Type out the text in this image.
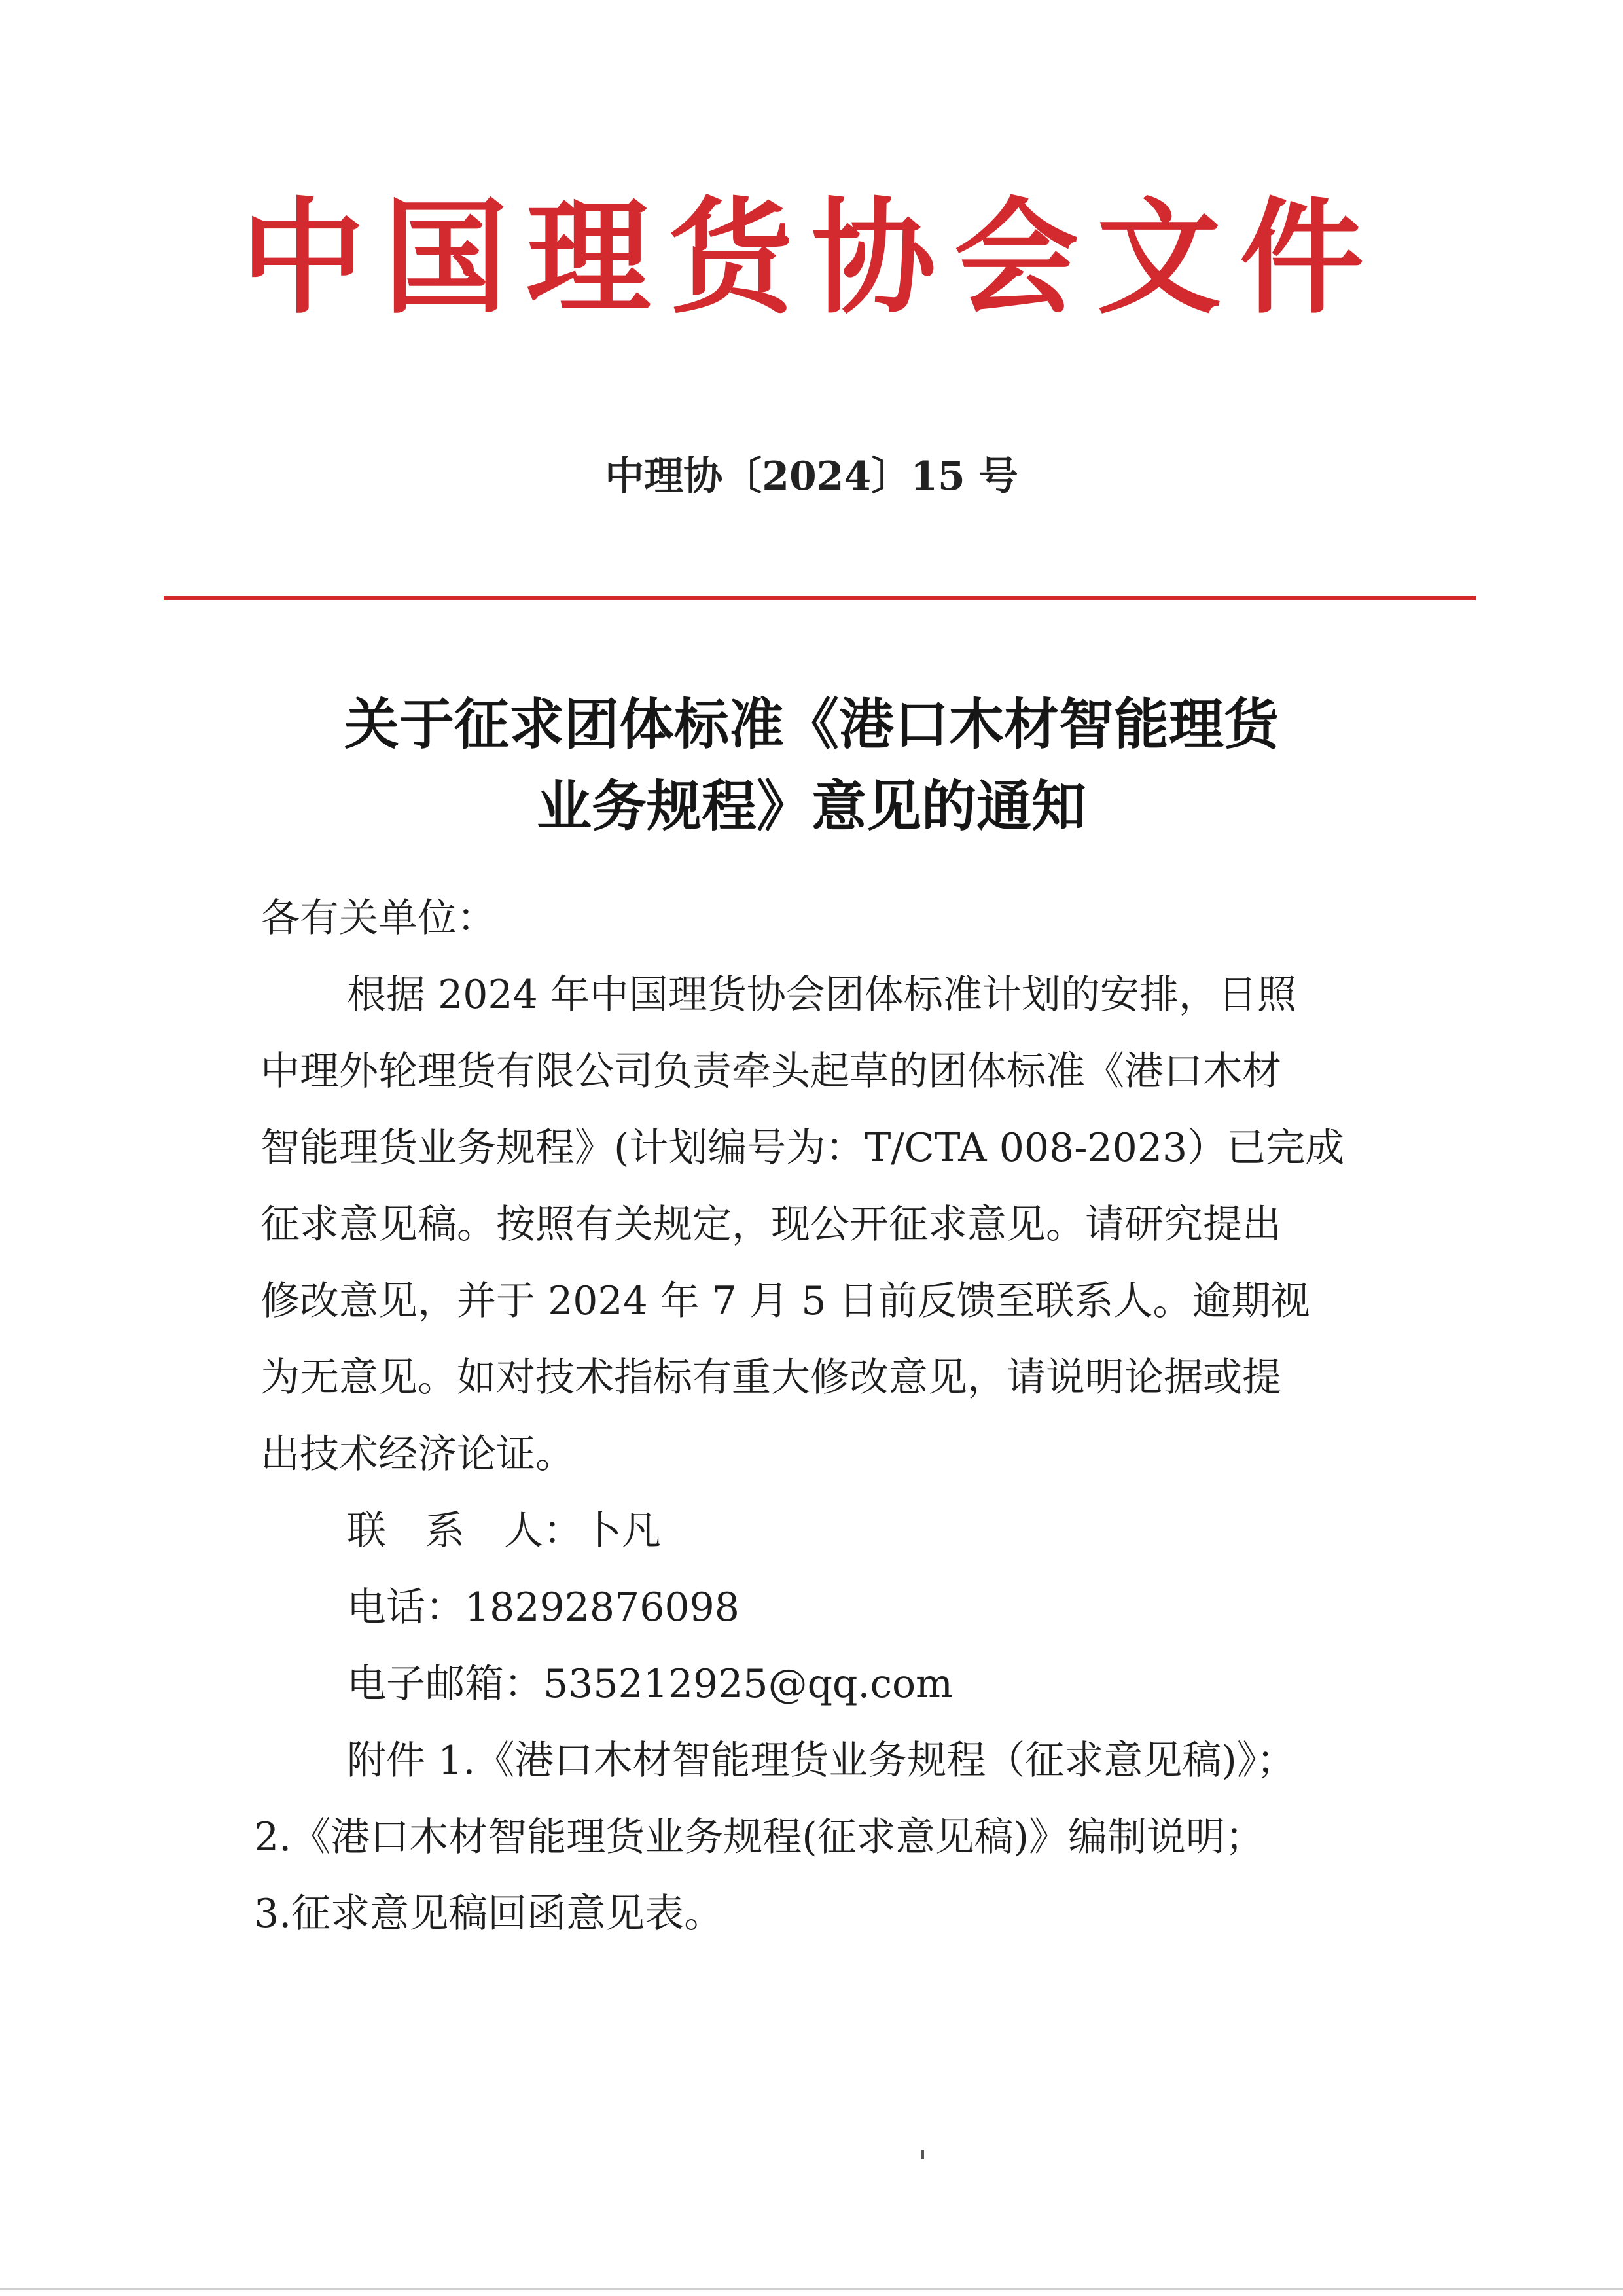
中国理货协会文件
中理协〔2024〕15 号
关于征求团体标准《港口木材智能理货
业务规程》意见的通知
各有关单位：
根据 2024 年中国理货协会团体标准计划的安排，日照
中理外轮理货有限公司负责牵头起草的团体标准《港口木材
智能理货业务规程》(计划编号为：T/CTA 008-2023）已完成
征求意见稿。按照有关规定，现公开征求意见。请研究提出
修改意见，并于 2024 年 7 月 5 日前反馈至联系人。逾期视
为无意见。如对技术指标有重大修改意见，请说明论据或提
出技术经济论证。
联　系　人：卜凡
电话：18292876098
电子邮箱：535212925@qq.com
附件 1.《港口木材智能理货业务规程（征求意见稿)》；
2.《港口木材智能理货业务规程(征求意见稿)》编制说明；
3.征求意见稿回函意见表。
